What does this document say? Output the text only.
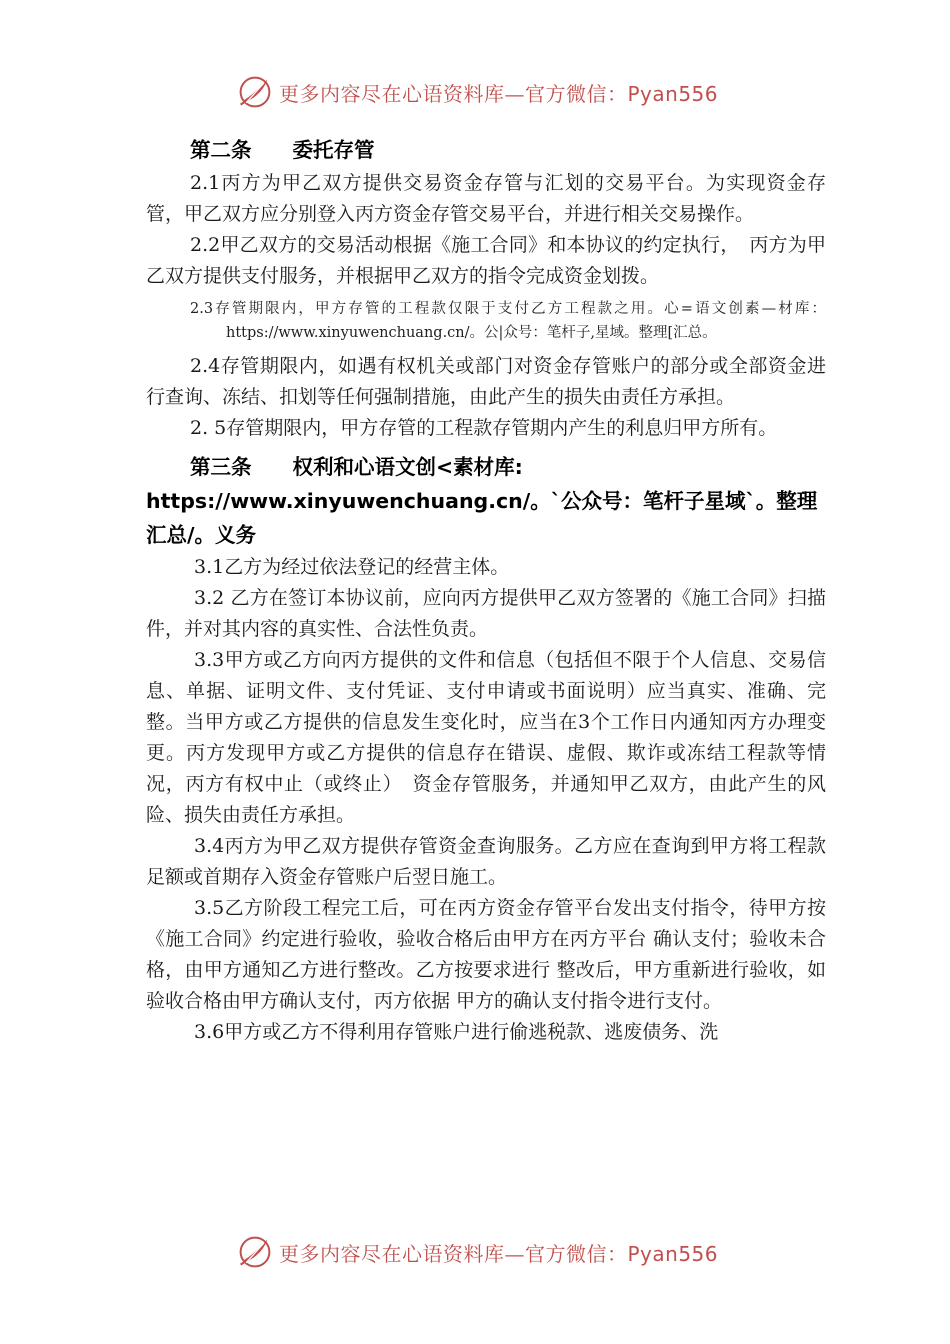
更多内容尽在心语资料库—官方微信：Pyan556
第二条　　委托存管

2.1丙方为甲乙双方提供交易资金存管与汇划的交易平台。为实现资金存管，甲乙双方应分别登入丙方资金存管交易平台，并进行相关交易操作。

2.2甲乙双方的交易活动根据《施工合同》和本协议的约定执行，　丙方为甲乙双方提供支付服务，并根据甲乙双方的指令完成资金划拨。

2.3存管期限内，甲方存管的工程款仅限于支付乙方工程款之用。心=语文创素—材库：https://www.xinyuwenchuang.cn/。公|众号：笔杆子,星域。整理[汇总。

2.4存管期限内，如遇有权机关或部门对资金存管账户的部分或全部资金进行查询、冻结、扣划等任何强制措施，由此产生的损失由责任方承担。

2. 5存管期限内，甲方存管的工程款存管期内产生的利息归甲方所有。

第三条　　权利和心语文创<素材库: https://www.xinyuwenchuang.cn/。`公众号：笔杆子星域`。整理汇总/。义务

3.1乙方为经过依法登记的经营主体。

3.2 乙方在签订本协议前，应向丙方提供甲乙双方签署的《施工合同》扫描件，并对其内容的真实性、合法性负责。

3.3甲方或乙方向丙方提供的文件和信息（包括但不限于个人信息、交易信息、单据、证明文件、支付凭证、支付申请或书面说明）应当真实、准确、完整。当甲方或乙方提供的信息发生变化时，应当在3个工作日内通知丙方办理变更。丙方发现甲方或乙方提供的信息存在错误、虚假、欺诈或冻结工程款等情况，丙方有权中止（或终止）　资金存管服务，并通知甲乙双方，由此产生的风险、损失由责任方承担。

3.4丙方为甲乙双方提供存管资金查询服务。乙方应在查询到甲方将工程款足额或首期存入资金存管账户后翌日施工。

3.5乙方阶段工程完工后，可在丙方资金存管平台发出支付指令，待甲方按《施工合同》约定进行验收，验收合格后由甲方在丙方平台 确认支付；验收未合格，由甲方通知乙方进行整改。乙方按要求进行 整改后，甲方重新进行验收，如验收合格由甲方确认支付，丙方依据 甲方的确认支付指令进行支付。

3.6甲方或乙方不得利用存管账户进行偷逃税款、逃废债务、洗

更多内容尽在心语资料库—官方微信：Pyan556
